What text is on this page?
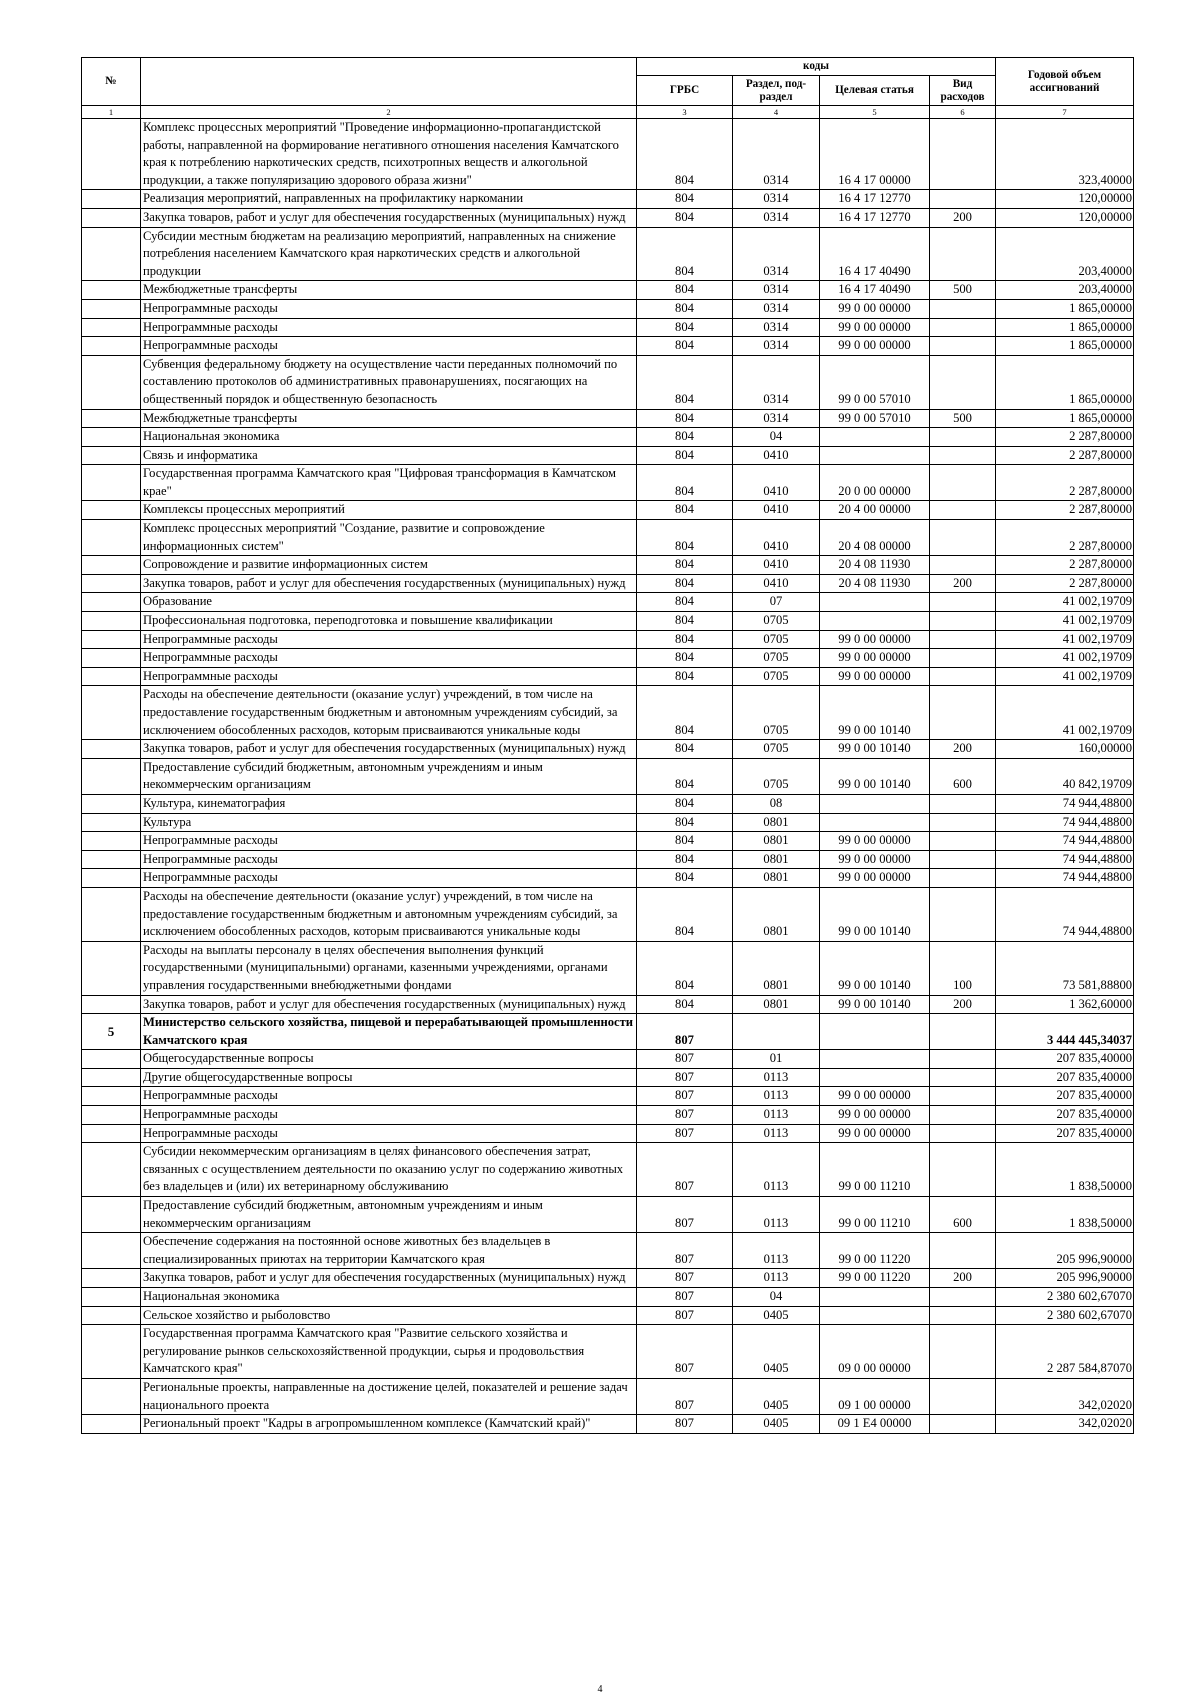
№		коды				Годовой объем ассигнований
		ГРБС	Раздел, под-раздел	Целевая статья	Вид расходов	
1	2	3	4	5	6	7
	Комплекс процессных мероприятий "Проведение информационно-пропагандистской работы, направленной на формирование негативного отношения населения Камчатского края к потреблению наркотических средств, психотропных веществ и алкогольной продукции, а также популяризацию здорового образа жизни"	804	0314	16 4 17 00000		323,40000
	Реализация мероприятий, направленных на профилактику наркомании	804	0314	16 4 17 12770		120,00000
	Закупка товаров, работ и услуг для обеспечения государственных (муниципальных) нужд	804	0314	16 4 17 12770	200	120,00000
	Субсидии местным бюджетам на реализацию мероприятий, направленных на снижение потребления населением Камчатского края наркотических средств и алкогольной продукции	804	0314	16 4 17 40490		203,40000
	Межбюджетные трансферты	804	0314	16 4 17 40490	500	203,40000
	Непрограммные расходы	804	0314	99 0 00 00000		1 865,00000
	Непрограммные расходы	804	0314	99 0 00 00000		1 865,00000
	Непрограммные расходы	804	0314	99 0 00 00000		1 865,00000
	Субвенция федеральному бюджету на осуществление части переданных полномочий по составлению протоколов об административных правонарушениях, посягающих на общественный порядок и общественную безопасность	804	0314	99 0 00 57010		1 865,00000
	Межбюджетные трансферты	804	0314	99 0 00 57010	500	1 865,00000
	Национальная экономика	804	04			2 287,80000
	Связь и информатика	804	0410			2 287,80000
	Государственная программа Камчатского края "Цифровая трансформация в Камчатском крае"	804	0410	20 0 00 00000		2 287,80000
	Комплексы процессных мероприятий	804	0410	20 4 00 00000		2 287,80000
	Комплекс процессных мероприятий "Создание, развитие и сопровождение информационных систем"	804	0410	20 4 08 00000		2 287,80000
	Сопровождение и развитие информационных систем	804	0410	20 4 08 11930		2 287,80000
	Закупка товаров, работ и услуг для обеспечения государственных (муниципальных) нужд	804	0410	20 4 08 11930	200	2 287,80000
	Образование	804	07			41 002,19709
	Профессиональная подготовка, переподготовка и повышение квалификации	804	0705			41 002,19709
	Непрограммные расходы	804	0705	99 0 00 00000		41 002,19709
	Непрограммные расходы	804	0705	99 0 00 00000		41 002,19709
	Непрограммные расходы	804	0705	99 0 00 00000		41 002,19709
	Расходы на обеспечение деятельности (оказание услуг) учреждений, в том числе на предоставление государственным бюджетным и автономным учреждениям субсидий, за исключением обособленных расходов, которым присваиваются уникальные коды	804	0705	99 0 00 10140		41 002,19709
	Закупка товаров, работ и услуг для обеспечения государственных (муниципальных) нужд	804	0705	99 0 00 10140	200	160,00000
	Предоставление субсидий бюджетным, автономным учреждениям и иным некоммерческим организациям	804	0705	99 0 00 10140	600	40 842,19709
	Культура, кинематография	804	08			74 944,48800
	Культура	804	0801			74 944,48800
	Непрограммные расходы	804	0801	99 0 00 00000		74 944,48800
	Непрограммные расходы	804	0801	99 0 00 00000		74 944,48800
	Непрограммные расходы	804	0801	99 0 00 00000		74 944,48800
	Расходы на обеспечение деятельности (оказание услуг) учреждений, в том числе на предоставление государственным бюджетным и автономным учреждениям субсидий, за исключением обособленных расходов, которым присваиваются уникальные коды	804	0801	99 0 00 10140		74 944,48800
	Расходы на выплаты персоналу в целях обеспечения выполнения функций государственными (муниципальными) органами, казенными учреждениями, органами управления государственными внебюджетными фондами	804	0801	99 0 00 10140	100	73 581,88800
	Закупка товаров, работ и услуг для обеспечения государственных (муниципальных) нужд	804	0801	99 0 00 10140	200	1 362,60000
5	Министерство сельского хозяйства, пищевой и перерабатывающей промышленности Камчатского края	807				3 444 445,34037
	Общегосударственные вопросы	807	01			207 835,40000
	Другие общегосударственные вопросы	807	0113			207 835,40000
	Непрограммные расходы	807	0113	99 0 00 00000		207 835,40000
	Непрограммные расходы	807	0113	99 0 00 00000		207 835,40000
	Непрограммные расходы	807	0113	99 0 00 00000		207 835,40000
	Субсидии некоммерческим организациям в целях финансового обеспечения затрат, связанных с осуществлением деятельности по оказанию услуг по содержанию животных без владельцев и (или) их ветеринарному обслуживанию	807	0113	99 0 00 11210		1 838,50000
	Предоставление субсидий бюджетным, автономным учреждениям и иным некоммерческим организациям	807	0113	99 0 00 11210	600	1 838,50000
	Обеспечение содержания на постоянной основе животных без владельцев в специализированных приютах на территории Камчатского края	807	0113	99 0 00 11220		205 996,90000
	Закупка товаров, работ и услуг для обеспечения государственных (муниципальных) нужд	807	0113	99 0 00 11220	200	205 996,90000
	Национальная экономика	807	04			2 380 602,67070
	Сельское хозяйство и рыболовство	807	0405			2 380 602,67070
	Государственная программа Камчатского края "Развитие сельского хозяйства и регулирование рынков сельскохозяйственной продукции, сырья и продовольствия Камчатского края"	807	0405	09 0 00 00000		2 287 584,87070
	Региональные проекты, направленные на достижение целей, показателей и решение задач национального проекта	807	0405	09 1 00 00000		342,02020
	Региональный проект "Кадры в агропромышленном комплексе (Камчатский край)"	807	0405	09 1 E4 00000		342,02020
4
